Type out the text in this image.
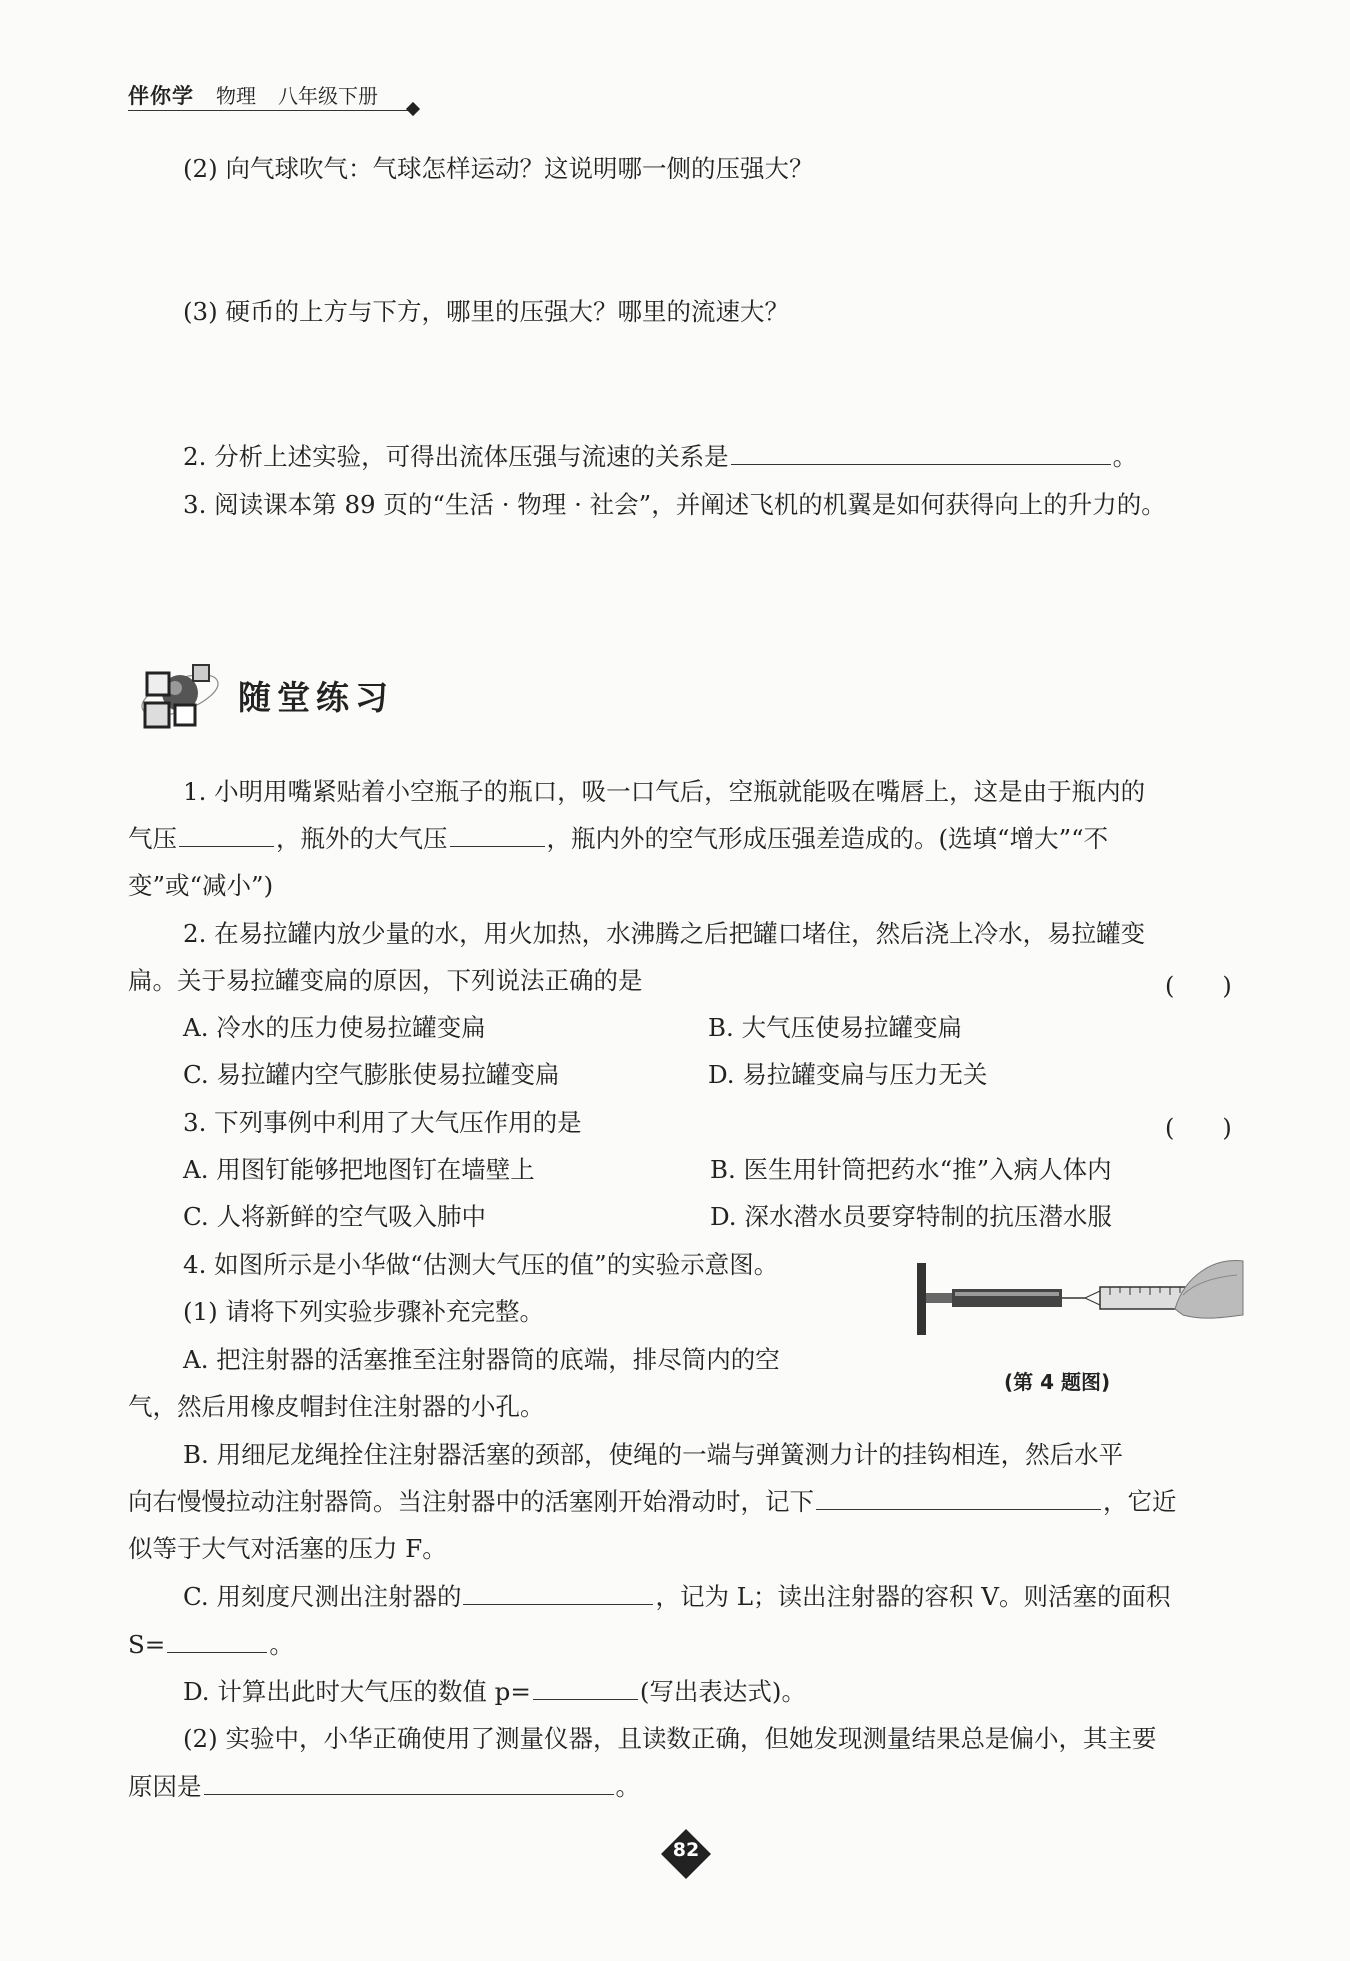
伴你学 物理 八年级下册
(2) 向气球吹气：气球怎样运动？这说明哪一侧的压强大？
(3) 硬币的上方与下方，哪里的压强大？哪里的流速大？
2. 分析上述实验，可得出流体压强与流速的关系是	。
3. 阅读课本第 89 页的“生活 · 物理 · 社会”，并阐述飞机的机翼是如何获得向上的升力的。
随堂练习
1. 小明用嘴紧贴着小空瓶子的瓶口，吸一口气后，空瓶就能吸在嘴唇上，这是由于瓶内的
气压	，瓶外的大气压	，瓶内外的空气形成压强差造成的。(选填“增大”“不
变”或“减小”)
2. 在易拉罐内放少量的水，用火加热，水沸腾之后把罐口堵住，然后浇上冷水，易拉罐变
扁。关于易拉罐变扁的原因，下列说法正确的是	(　　)
A. 冷水的压力使易拉罐变扁	B. 大气压使易拉罐变扁
C. 易拉罐内空气膨胀使易拉罐变扁	D. 易拉罐变扁与压力无关
3. 下列事例中利用了大气压作用的是	(　　)
A. 用图钉能够把地图钉在墙壁上	B. 医生用针筒把药水“推”入病人体内
C. 人将新鲜的空气吸入肺中	D. 深水潜水员要穿特制的抗压潜水服
4. 如图所示是小华做“估测大气压的值”的实验示意图。
(1) 请将下列实验步骤补充完整。
A. 把注射器的活塞推至注射器筒的底端，排尽筒内的空
气，然后用橡皮帽封住注射器的小孔。
(第 4 题图)
B. 用细尼龙绳拴住注射器活塞的颈部，使绳的一端与弹簧测力计的挂钩相连，然后水平
向右慢慢拉动注射器筒。当注射器中的活塞刚开始滑动时，记下	，它近
似等于大气对活塞的压力 F。
C. 用刻度尺测出注射器的	，记为 L；读出注射器的容积 V。则活塞的面积
S=	。
D. 计算出此时大气压的数值 p=	(写出表达式)。
(2) 实验中，小华正确使用了测量仪器，且读数正确，但她发现测量结果总是偏小，其主要
原因是	。
82
